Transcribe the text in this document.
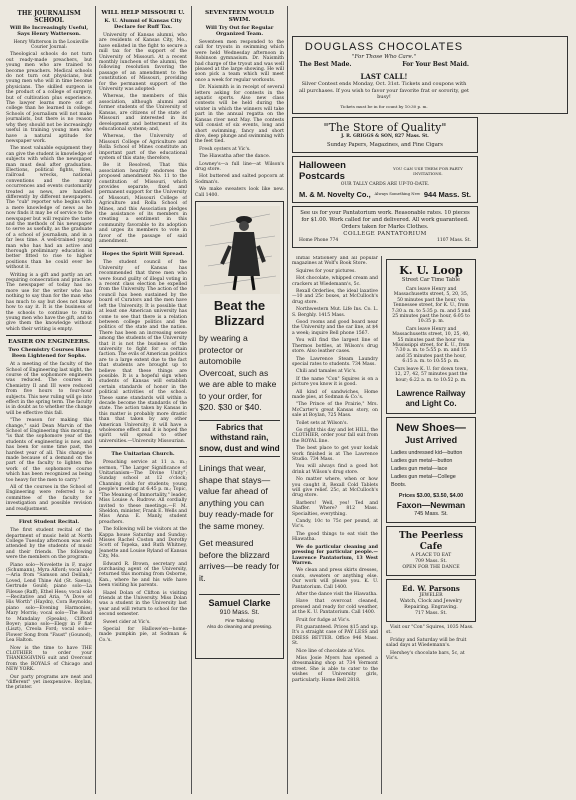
THE JOURNALISM SCHOOL
Will Be Increasingly Useful, Says Henry Watterson.

Henry Watterson in the Louisville Courier Journal:

Theological schools do not turn out ready-made preachers, but young men who are trained to become preachers. Medical schools do not turn out physicians, but young men who will in time become physicians. The skilled surgeon is the product of a college of surgery, but of cultivation plus experience. The lawyer learns more out of college than he learned in college. Schools of journalism will not make journalists, but there is no reason why they should not be increasingly useful in training young men who have a natural aptitude for newspaper work.

The most valuable equipment they can give the student is knowledge of subjects with which the newspaper man must deal after graduation. Elections, political fights, fires, railroad wrecks, national conventions and the many occurrences and events customarily treated as news, are handled differently by different newspapers. The "cub" reporter who begins with a mere knowledge of news as he now finds it may be of service to the newspaper but will require the taste and the methods of his newspaper to serve as usefully, as the graduate of a school of journalism, and in a far less time. A well-trained young man who has had an active and thorough preliminary education is better fitted to rise to higher positions than he could ever be without it.

Writing is a gift and partly an art requiring consecration and practice. The newspaper of today has no more use for the writer who has nothing to say than for the man who has much to say but does not know how to say it. It is the business of the schools to continue to train young men who have the gift, and to give them the knowledge without which their writing is empty.

EASIER ON ENGINEERS.
Two Chemistry Courses Have Been Lightened for Sophs.

At a meeting of the faculty of the School of Engineering last night, the course of the sophomore engineers was reduced. The courses in Chemistry II and III were reduced from five hours to four-hour subjects. This new ruling will go into effect in the spring term. The faculty is in doubt as to whether the change will be effective this fall.

"The reason for making this change," said Dean Marvin of the School of Engineering this morning, "is that the sophomore year of the students of engineering is now, and has been for some time past, the hardest year of all. This change is made because of a demand on the part of the faculty to lighten the work of the sophomore course which has been recognized as being too heavy for the men to carry."

All of the courses in the School of Engineering were referred to a committee of the faculty for investigation and possible revision and readjustment.

First Student Recital.

The first student recital of the department of music held at North College Tuesday afternoon was well attended by the students of music and their friends. The following were the members on the program:

Piano solo—Novelette in F, major (Schumann), Myra Alford; vocal solo—Aria from "Samson and Delilah," Loved, Lend Thine Aid (St. Saens), Gertrude Gould; piano solo—La Fileuse (Raff), Ethel Hess; vocal solo—Recitative and Aria, "A Dove of His Worth" (Haydn), Cora Reynolds; piano solo—Evening Harmonies, Mary Morris; vocal solo—The Road to Mandalay (Speaks), Clifford Boyer; piano solo—Elegy in F flat (Liszt), Creola Ford; vocal solo—Flower Song from "Faust" (Gounod), Lea Halton.

Now is the time to have THE CLOTHIER to order your THANKSGIVING suit and Overcoat from the ROYALS of Chicago and NEW YORK.

Our party programs are neat and "different" yet inexpensive. Boylan, the printer.

WILL HELP MISSOURI U.
K. U. Alumni of Kansas City Declare for Ruff Tax.

University of Kansas alumni, who are residents of Kansas City, Mo., have enlisted in the fight to secure a mill tax for the support of the University of Missouri. At a recent monthly luncheon of the alumni, the following resolution favoring the passage of an amendment to the constitution of Missouri, providing for the permanent support of the University was adopted:

Whereas, the members of this association, although alumni and former students of the University of Kansas, are citizens of the state of Missouri and interested in its development and betterment of its educational systems; and,

Whereas, the University of Missouri College of Agriculture and Rolla School of Mines constitute an important part of the educational system of this state; therefore,

Be it Resolved, That this association heartily endorses the proposed amendment No. 11 to the constitution of Missouri, which provides separate, fixed and permanent support for the University of Missouri, Missouri College of Agriculture and Rolla School of Mines, and this Association pledges the assistance of its members in creating a sentiment in this community favorable to its adoption and urges its members to vote in favor of the passage of said amendment.

Hopes the Spirit Will Spread.

The student council of the University of Kansas has recommended that three men who were found guilty of illegal voting in a recent class election be expelled from the University. The action of the council has been sustained by the board of Curators and the men have left the University. It is possible that at least one American university has come to see that there is a relation between college politics and the politics of the state and the nation. There has been an increasing sense among the students of the University that it is not the business of the university to fight for a certain faction. The evils of American politics are to a large extent due to the fact that students are brought up to believe that these things are possible. It is a hopeful sign when students of Kansas will establish certain standards of honor in the political activities of the school. These same standards will within a decade become the standards of the state. The action taken by Kansas in this matter is probably more drastic than that taken by any other American University; it will have a wholesome effect and it is hoped the spirit will spread to other universities.—University Missourian.

The Unitarian Church.

Preaching service at 11 a. m.; sermon, "The Larger Significance of Unitarianism—The Divine Unity"; Sunday school at 12 o'clock; Channing club for students; young people's meeting at 6:45 p. m.; Topic, "The Meaning of Immortality," leader, Miss Louise A. Rudrow. All cordially invited to these meetings.—F. M. Sheldon, minister, Frank E. Wells and Miss Anna E. Manly, student preachers.

The following will be visitors at the Kappa house Saturday and Sunday: Misses Rachel Coston and Dorothy Scott of Topeka, and Ruth Whitney, Jeanette and Louise Ryland of Kansas City, Mo.

Edward R. Brown, secretary and purchasing agent of the University, returned this morning from Osborne, Kan., where he and his wife have been visiting his parents.

Hazel Dolan of Clifton is visiting friends at the University. Miss Dolan was a student in the University last year and will return to school for the second semester.

Sweet cider at Vic's.

Special for Hallowe'en—home-made pumpkin pie, at Sodman & Co.'s.

SEVENTEEN WOULD SWIM.
Will Try Out for Regular Organized Team.

Seventeen men responded to the call for tryouts in swimming which were held Wednesday afternoon in Robinson gymnasium. Dr. Naismith had charge of the tryout and was well pleased at the large showing. He will soon pick a team which will meet once a week for regular workouts.

Dr. Naismith is in receipt of several letters asking for contests in the aquatic sports. Also new class contests will be held during the winter in which the winners will take part in the annual regatta on the Kansas river next May. The contests will consist of six events, long and short swimming, fancy and short dive, deep plunge and swimming with the feet tied.

Fresh oysters at Vic's.

The Hiawatha after the dance.

Lowney's—a full line—at Wilson's drug store.

Hot buttered and salted popcorn at Sodman's.

We make sweaters look like new. Call 1400.

Beat the Blizzard
by wearing a protector or automobile Overcoat, such as we are able to make to your order, for $20. $30 or $40.
Fabrics that withstand rain, snow, dust and wind
Linings that wear, shape that stays—value far ahead of anything you can buy ready-made for the same money.
Get measured before the blizzard arrives—be ready for it.
Samuel Clarke
910 Mass. St.
Fine Tailoring
Also do cleaning and pressing.
DOUGLASS CHOCOLATES
"For Those Who Care."
The Best Made.	For Your Best Maid.
LAST CALL!
Silver Contest ends Monday, Oct. 31st. Tickets and coupons with all purchases. If you wish to favor your favorite frat or sorority, get busy!
Tickets must be in for count by 10:30 p. m.
"The Store of Quality"
J. R. GRIGGS & SON, 827 Mass. St.
Sunday Papers, Magazines, and Fine Cigars
Halloween Postcards
YOU CAN USE THEM FOR PARTY INVITATIONS.
OUR TALLY CARDS ARE UP-TO-DATE.
M. & M. Novelty Co., Always Something New 944 Mass. St.
See us for your Pantatorium work. Reasonable rates. 10 pieces for $1.00. Work called for and delivered. All work guaranteed. Orders taken for Marks Clothes.
COLLEGE PANTATORIUM
Home Phone 774	1107 Mass. St.

Initial Stationery and all popular magazines at Wolf's Book Store.

Squires for your pictures.

Hot chocolate, whipped cream and crackers at Wiedemann's, 5c.

Rexall Orderlies, the ideal laxative—10 and 25c boxes, at McCulloch's drug store.

Northwestern Mut. Life Ins. Co. L. S. Berghly. 1415 Mass.

Good rooms and good board near the University and the car line, at $4 a week; inquire Bell phone 1567.

You will find the largest line of Thermos bottles, at Wilson's drug store. Also leather cases.

The Lawrence Steam Laundry special rates to students. 734 Mass.

Chili and tamales at Vic's.

If the name "Con" Squires is on a picture you know it is good.

All kind of sandwiches, Home made pies, at Sodman & Co.'s.

"The Prince of the Prairie," Mrs. McCarter's great Kansas story, on sale at Boylan, 725 Mass.

Toilet sets at Wilson's.

Go right this day and let HILL, the CLOTHIER, order your fall suit from the ROYAL line.

The best place to get your kodak work finished is at The Lawrence Studio. 734 Mass.

You will always find a good hot drink at Wilson's drug store.

No matter where, when or how you caught it, Rexall Cold Tablets will give relief. 25c, at McCulloch's drug store.

Barbers! Well, yes! Ted and Shaffer. Where? 812 Mass. Specialties, everything.

Candy, 10c to 75c per pound, at Vic's.

The good things to eat visit the Hiawatha.

We do particular cleaning and pressing for particular people.—Lawrence Pantatorium, 13 West Warren.

We clean and press skirts dresses, coats, sweaters or anything else. Our work will please you. K. U. Pantatorium. Call 1400.

After the dance visit the Hiawatha.

Have that overcoat cleaned, pressed and ready for cold weather, at the K. U. Pantatorium. Call 1400.

Fruit for fudge at Vic's.

Fit guaranteed. Prices $15 and up. It's a straight case of PAY LESS and DRESS BETTER. Office 946 Mass. St.

Nice line of chocolate at Vics.

Miss Josie Myers has opened a dressmaking shop at 734 Vermont street. She is able to cater to the wishes of University girls, particularly. Home Bell 2818.

K. U. Loop
Street Car Time Table

Cars leave Henry and Massachusetts street, 5, 20, 35, 50 minutes past the hour, via Tennessee street, for K. U., from 7:30 a. m. to 5:35 p. m. and 5 and 25 minutes past the hour, 6:05 to 10:35 p. m.

Cars leave Henry and Massachusetts street, 10, 25, 40, 55 minutes past the hour via Mississippi street, for K. U., from 7:30 a. m. to 5:55 p. m. and 15 and 35 minutes past the hour, 6:15 a. m. to 10:55 p. m.

Cars leave K. U. for down town, 12, 27, 42, 57 minutes past the hour; 6:22 a. m. to 10:52 p. m.

Lawrence Railway and Light Co.
New Shoes—
Just Arrived
Ladies undressed kid—button
Ladies gun metal—button
Ladies gun metal—lace
Ladies gun metal—College Boots.
Prices $3.00, $3.50, $4.00
Faxon—Newman
745 Mass. St.
The Peerless Cafe
A PLACE TO EAT
709 Mass. St.
OPEN FOR THE DANCE
Ed. W. Parsons
JEWELER
Watch, Clock and Jewelry Repairing. Engraving.
717 Mass. St.

Visit our "Con" Squires, 1035 Mass. st.

Friday and Saturday will be fruit salad days at Wiedemann's.

Hershey's chocolate bars, 5c, at Vic's.
